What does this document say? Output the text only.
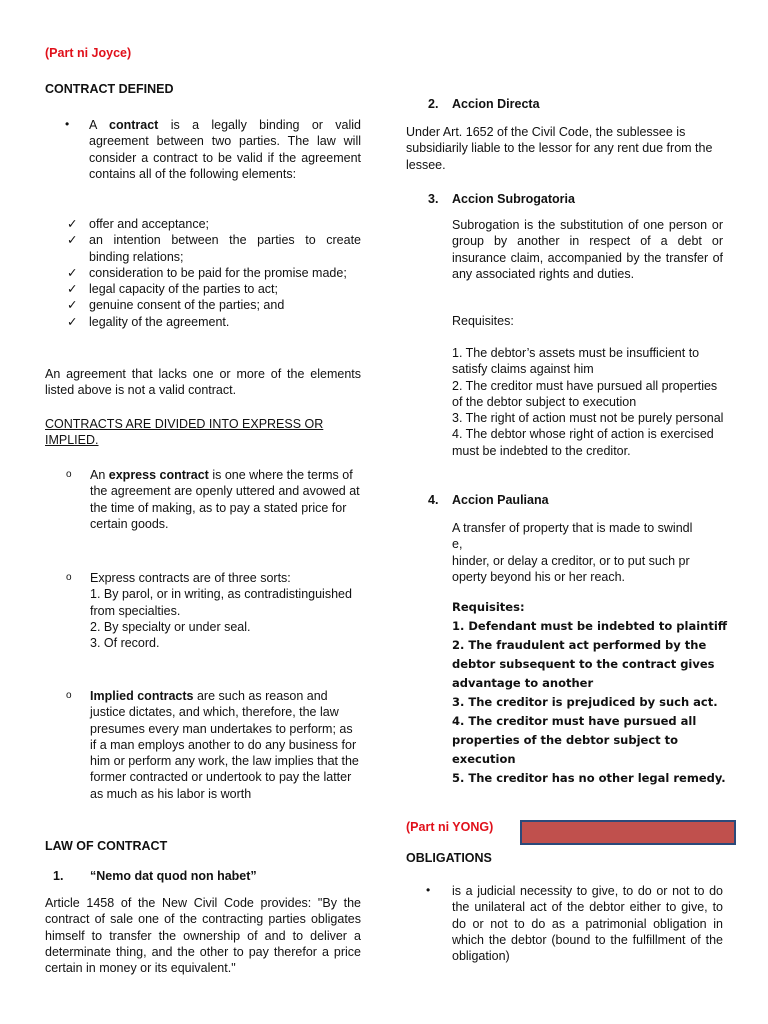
(Part ni Joyce)

CONTRACT DEFINED

• A contract is a legally binding or valid agreement between two parties. The law will consider a contract to be valid if the agreement contains all of the following elements:

✓ offer and acceptance;
✓ an intention between the parties to create binding relations;
✓ consideration to be paid for the promise made;
✓ legal capacity of the parties to act;
✓ genuine consent of the parties; and
✓ legality of the agreement.

An agreement that lacks one or more of the elements listed above is not a valid contract.

CONTRACTS ARE DIVIDED INTO EXPRESS OR IMPLIED.

o An express contract is one where the terms of the agreement are openly uttered and avowed at the time of making, as to pay a stated price for certain goods.

o Express contracts are of three sorts:

1. By parol, or in writing, as contradistinguished from specialties.

2. By specialty or under seal.

3. Of record.

o Implied contracts are such as reason and justice dictates, and which, therefore, the law presumes every man undertakes to perform; as if a man employs another to do any business for him or perform any work, the law implies that the former contracted or undertook to pay the latter as much as his labor is worth

LAW OF CONTRACT

1. “Nemo dat quod non habet”

Article 1458 of the New Civil Code provides: "By the contract of sale one of the contracting parties obligates himself to transfer the ownership of and to deliver a determinate thing, and the other to pay therefor a price certain in money or its equivalent."

2. Accion Directa

Under Art. 1652 of the Civil Code, the sublessee is subsidiarily liable to the lessor for any rent due from the lessee.

3. Accion Subrogatoria

Subrogation is the substitution of one person or group by another in respect of a debt or insurance claim, accompanied by the transfer of any associated rights and duties.

Requisites:

1. The debtor’s assets must be insufficient to satisfy claims against him

2. The creditor must have pursued all properties of the debtor subject to execution

3. The right of action must not be purely personal

4. The debtor whose right of action is exercised must be indebted to the creditor.

4. Accion Pauliana

A transfer of property that is made to swindl

e,

hinder, or delay a creditor, or to put such pr

operty beyond his or her reach.

Requisites:

1. Defendant must be indebted to plaintiff

2. The fraudulent act performed by the

debtor subsequent to the contract gives

advantage to another

3. The creditor is prejudiced by such act.

4. The creditor must have pursued all

properties of the debtor subject to

execution

5. The creditor has no other legal remedy.

(Part ni YONG)

OBLIGATIONS

• is a judicial necessity to give, to do or not to do the unilateral act of the debtor either to give, to do or not to do as a patrimonial obligation in which the debtor (bound to the fulfillment of the obligation)
